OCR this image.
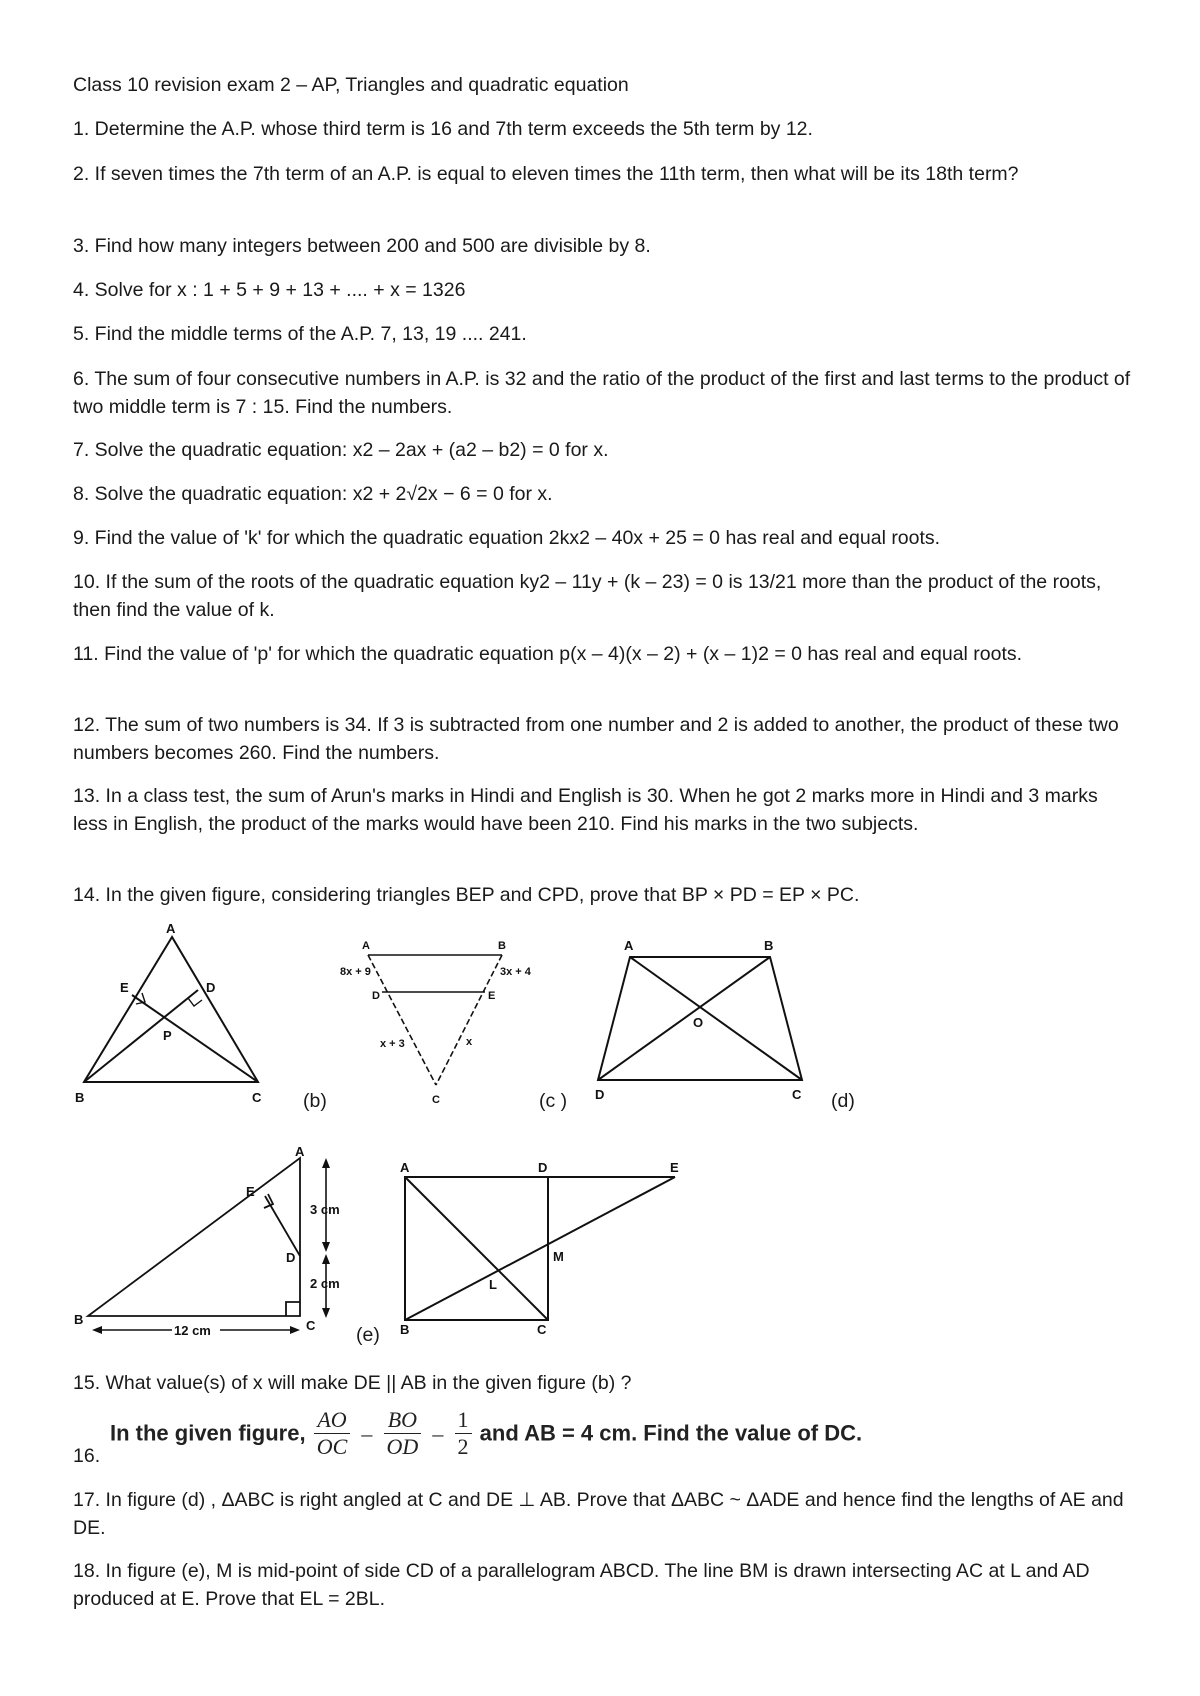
Class 10 revision exam 2 – AP, Triangles and quadratic equation

1. Determine the A.P. whose third term is 16 and 7th term exceeds the 5th term by 12.

2. If seven times the 7th term of an A.P. is equal to eleven times the 11th term, then what will be its 18th term?

3. Find how many integers between 200 and 500 are divisible by 8.

4. Solve for x : 1 + 5 + 9 + 13 + .... + x = 1326

5. Find the middle terms of the A.P. 7, 13, 19 .... 241.

6. The sum of four consecutive numbers in A.P. is 32 and the ratio of the product of the first and last terms to the product of two middle term is 7 : 15. Find the numbers.

7. Solve the quadratic equation: x2 – 2ax + (a2 – b2) = 0 for x.

8. Solve the quadratic equation: x2 + 2√2x − 6 = 0 for x.

9. Find the value of 'k' for which the quadratic equation 2kx2 – 40x + 25 = 0 has real and equal roots.

10. If the sum of the roots of the quadratic equation ky2 – 11y + (k – 23) = 0 is 13/21 more than the product of the roots, then find the value of k.

11. Find the value of 'p' for which the quadratic equation p(x – 4)(x – 2) + (x – 1)2 = 0 has real and equal roots.

12. The sum of two numbers is 34. If 3 is subtracted from one number and 2 is added to another, the product of these two numbers becomes 260. Find the numbers.

13. In a class test, the sum of Arun's marks in Hindi and English is 30. When he got 2 marks more in Hindi and 3 marks less in English, the product of the marks would have been 210. Find his marks in the two subjects.

14. In the given figure, considering triangles BEP and CPD, prove that BP × PD = EP × PC.

A
B	C
D
E
P
(b)
A	B
C
D	E
8x + 9	3x + 4
x + 3	x
(c )
A	B
C
D
O
(d)
A
B	C
D
E
3 cm
2 cm
12 cm	(e)
A
B	C
D	E
L
M

15. What value(s) of x will make DE || AB in the given figure (b) ?

In the given figure, $\frac{AO}{OC} - \frac{BO}{OD} - \frac{1}{2}$ and AB = 4 cm. Find the value of DC.

16.

17. In figure (d) , ΔABC is right angled at C and DE ⊥ AB. Prove that ΔABC ~ ΔADE and hence find the lengths of AE and DE.

18. In figure (e), M is mid-point of side CD of a parallelogram ABCD. The line BM is drawn intersecting AC at L and AD produced at E. Prove that EL = 2BL.
